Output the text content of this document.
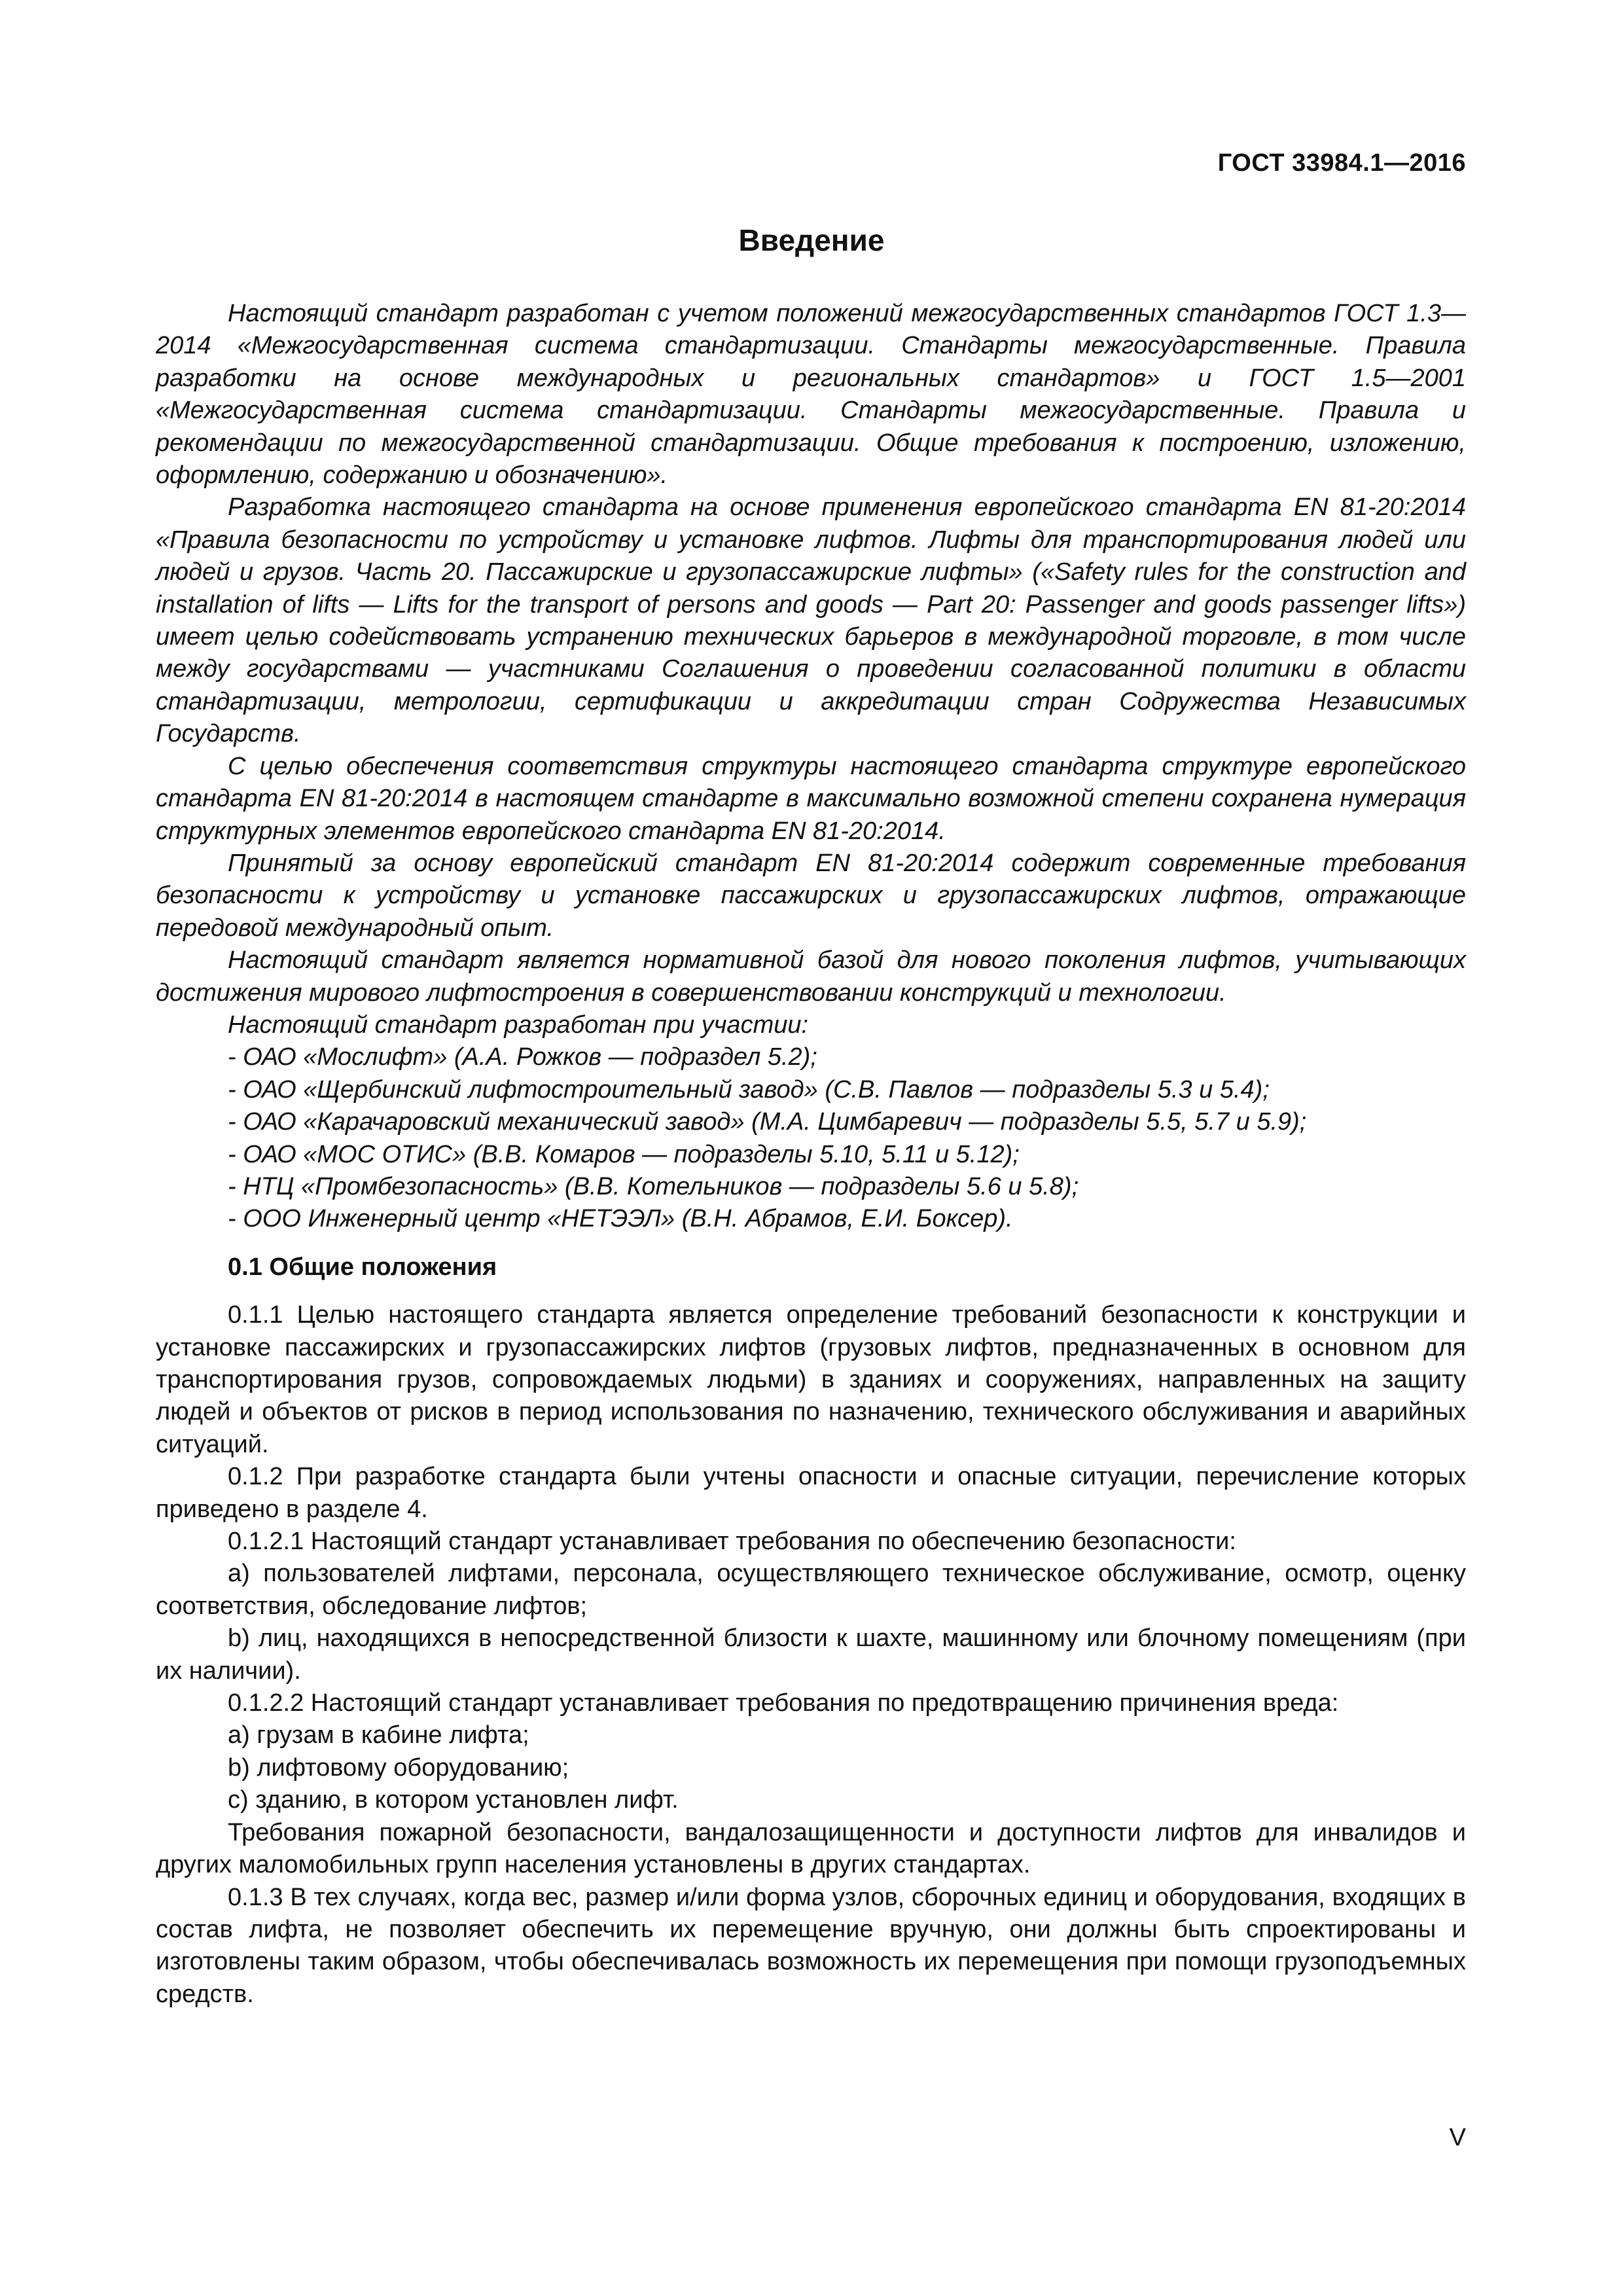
ГОСТ 33984.1—2016
Введение

Настоящий стандарт разработан с учетом положений межгосударственных стандартов ГОСТ 1.3—2014 «Межгосударственная система стандартизации. Стандарты межгосударственные. Правила разработки на основе международных и региональных стандартов» и ГОСТ 1.5—2001 «Межгосударственная система стандартизации. Стандарты межгосударственные. Правила и рекомендации по межгосударственной стандартизации. Общие требования к построению, изложению, оформлению, содержанию и обозначению».

Разработка настоящего стандарта на основе применения европейского стандарта EN 81-20:2014 «Правила безопасности по устройству и установке лифтов. Лифты для транспортирования людей или людей и грузов. Часть 20. Пассажирские и грузопассажирские лифты» («Safety rules for the construction and installation of lifts — Lifts for the transport of persons and goods — Part 20: Passenger and goods passenger lifts») имеет целью содействовать устранению технических барьеров в международной торговле, в том числе между государствами — участниками Соглашения о проведении согласованной политики в области стандартизации, метрологии, сертификации и аккредитации стран Содружества Независимых Государств.

С целью обеспечения соответствия структуры настоящего стандарта структуре европейского стандарта EN 81-20:2014 в настоящем стандарте в максимально возможной степени сохранена нумерация структурных элементов европейского стандарта EN 81-20:2014.

Принятый за основу европейский стандарт EN 81-20:2014 содержит современные требования безопасности к устройству и установке пассажирских и грузопассажирских лифтов, отражающие передовой международный опыт.

Настоящий стандарт является нормативной базой для нового поколения лифтов, учитывающих достижения мирового лифтостроения в совершенствовании конструкций и технологии.

Настоящий стандарт разработан при участии:

- ОАО «Мослифт» (А.А. Рожков — подраздел 5.2);

- ОАО «Щербинский лифтостроительный завод» (С.В. Павлов — подразделы 5.3 и 5.4);

- ОАО «Карачаровский механический завод» (М.А. Цимбаревич — подразделы 5.5, 5.7 и 5.9);

- ОАО «МОС ОТИС» (В.В. Комаров — подразделы 5.10, 5.11 и 5.12);

- НТЦ «Промбезопасность» (В.В. Котельников — подразделы 5.6 и 5.8);

- ООО Инженерный центр «НЕТЭЭЛ» (В.Н. Абрамов, Е.И. Боксер).

0.1 Общие положения

0.1.1 Целью настоящего стандарта является определение требований безопасности к конструкции и установке пассажирских и грузопассажирских лифтов (грузовых лифтов, предназначенных в основном для транспортирования грузов, сопровождаемых людьми) в зданиях и сооружениях, направленных на защиту людей и объектов от рисков в период использования по назначению, технического обслуживания и аварийных ситуаций.

0.1.2 При разработке стандарта были учтены опасности и опасные ситуации, перечисление которых приведено в разделе 4.

0.1.2.1 Настоящий стандарт устанавливает требования по обеспечению безопасности:

a) пользователей лифтами, персонала, осуществляющего техническое обслуживание, осмотр, оценку соответствия, обследование лифтов;

b) лиц, находящихся в непосредственной близости к шахте, машинному или блочному помещениям (при их наличии).

0.1.2.2 Настоящий стандарт устанавливает требования по предотвращению причинения вреда:

a) грузам в кабине лифта;

b) лифтовому оборудованию;

c) зданию, в котором установлен лифт.

Требования пожарной безопасности, вандалозащищенности и доступности лифтов для инвалидов и других маломобильных групп населения установлены в других стандартах.

0.1.3 В тех случаях, когда вес, размер и/или форма узлов, сборочных единиц и оборудования, входящих в состав лифта, не позволяет обеспечить их перемещение вручную, они должны быть спроектированы и изготовлены таким образом, чтобы обеспечивалась возможность их перемещения при помощи грузоподъемных средств.

V
